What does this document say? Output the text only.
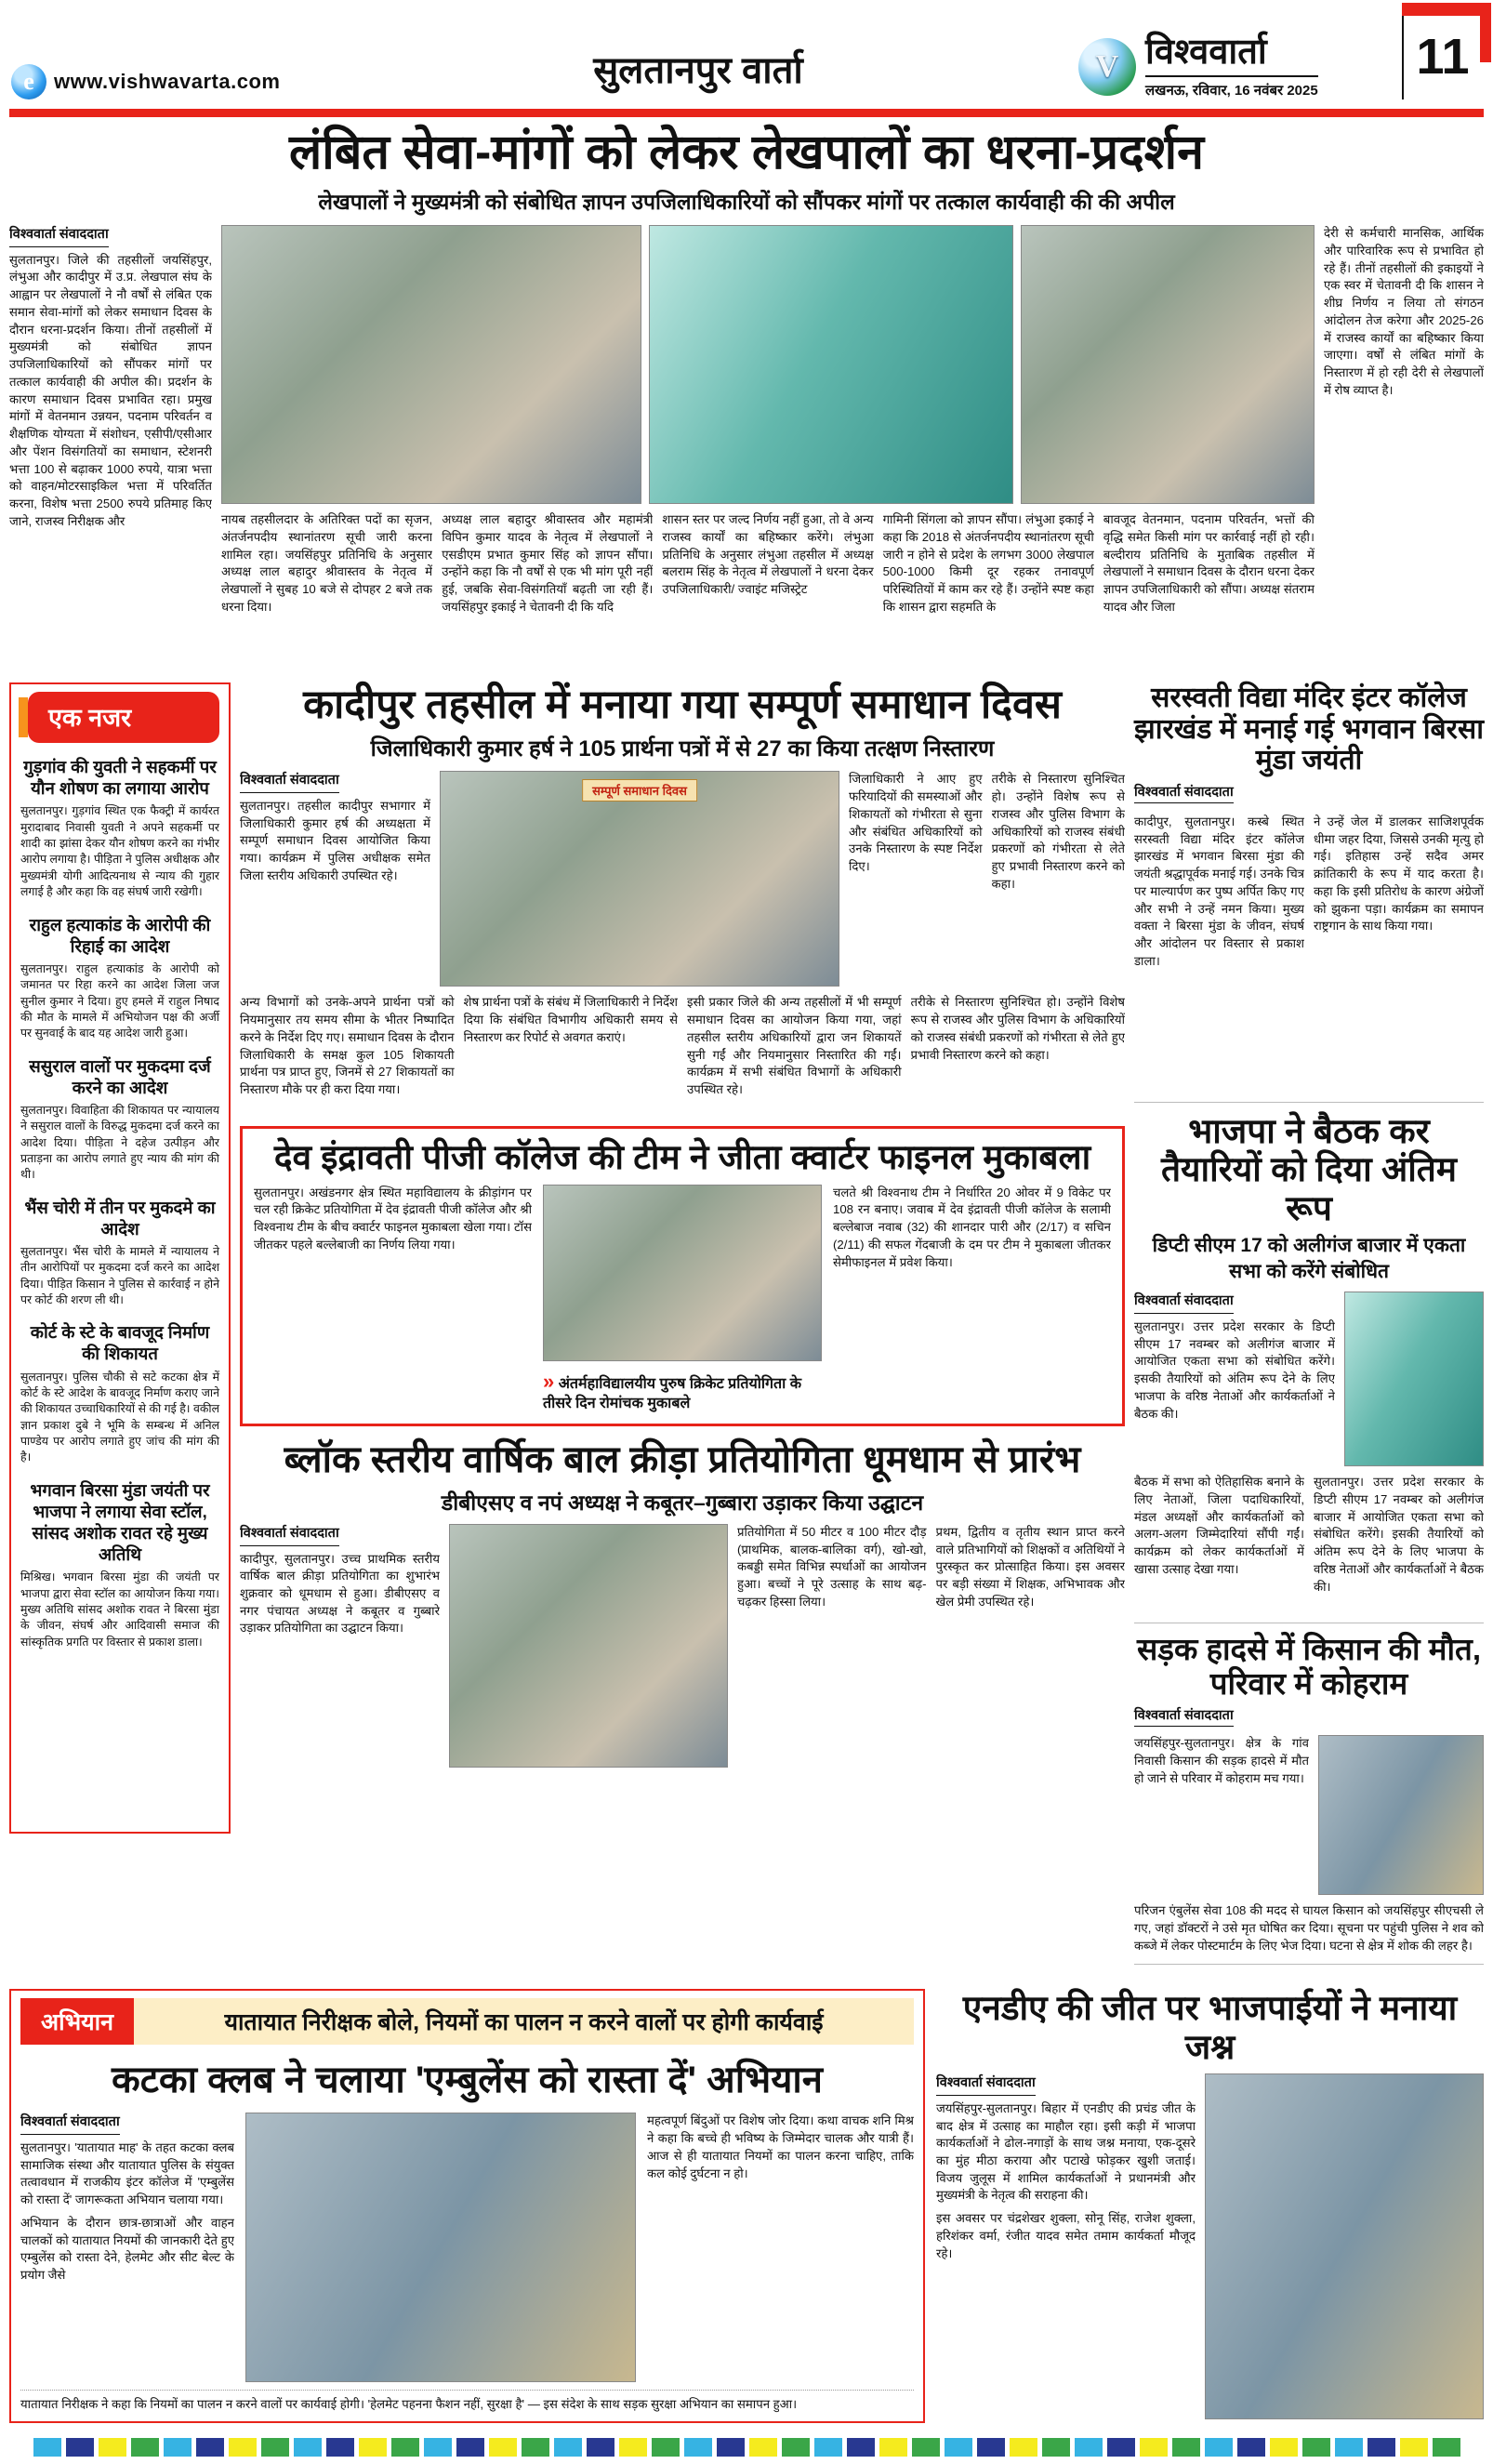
e www.vishwavarta.com	सुलतानपुर वार्ता	V विश्ववार्ता
लखनऊ, रविवार, 16 नवंबर 2025
11
लंबित सेवा-मांगों को लेकर लेखपालों का धरना-प्रदर्शन
लेखपालों ने मुख्यमंत्री को संबोधित ज्ञापन उपजिलाधिकारियों को सौंपकर मांगों पर तत्काल कार्यवाही की की अपील
विश्ववार्ता संवाददाता

सुलतानपुर। जिले की तहसीलों जयसिंहपुर, लंभुआ और कादीपुर में उ.प्र. लेखपाल संघ के आह्वान पर लेखपालों ने नौ वर्षों से लंबित एक समान सेवा-मांगों को लेकर समाधान दिवस के दौरान धरना-प्रदर्शन किया। तीनों तहसीलों में मुख्यमंत्री को संबोधित ज्ञापन उपजिलाधिकारियों को सौंपकर मांगों पर तत्काल कार्यवाही की अपील की। प्रदर्शन के कारण समाधान दिवस प्रभावित रहा। प्रमुख मांगों में वेतनमान उन्नयन, पदनाम परिवर्तन व शैक्षणिक योग्यता में संशोधन, एसीपी/एसीआर और पेंशन विसंगतियों का समाधान, स्टेशनरी भत्ता 100 से बढ़ाकर 1000 रुपये, यात्रा भत्ता को वाहन/मोटरसाइकिल भत्ता में परिवर्तित करना, विशेष भत्ता 2500 रुपये प्रतिमाह किए जाने, राजस्व निरीक्षक और	नायब तहसीलदार के अतिरिक्त पदों का सृजन, अंतर्जनपदीय स्थानांतरण सूची जारी करना शामिल रहा। जयसिंहपुर प्रतिनिधि के अनुसार अध्यक्ष लाल बहादुर श्रीवास्तव के नेतृत्व में लेखपालों ने सुबह 10 बजे से दोपहर 2 बजे तक धरना दिया।

अध्यक्ष लाल बहादुर श्रीवास्तव और महामंत्री विपिन कुमार यादव के नेतृत्व में लेखपालों ने एसडीएम प्रभात कुमार सिंह को ज्ञापन सौंपा। उन्होंने कहा कि नौ वर्षों से एक भी मांग पूरी नहीं हुई, जबकि सेवा-विसंगतियाँ बढ़ती जा रही हैं। जयसिंहपुर इकाई ने चेतावनी दी कि यदि

शासन स्तर पर जल्द निर्णय नहीं हुआ, तो वे अन्य राजस्व कार्यों का बहिष्कार करेंगे। लंभुआ प्रतिनिधि के अनुसार लंभुआ तहसील में अध्यक्ष बलराम सिंह के नेतृत्व में लेखपालों ने धरना देकर उपजिलाधिकारी/ ज्वाइंट मजिस्ट्रेट

गामिनी सिंगला को ज्ञापन सौंपा। लंभुआ इकाई ने कहा कि 2018 से अंतर्जनपदीय स्थानांतरण सूची जारी न होने से प्रदेश के लगभग 3000 लेखपाल 500-1000 किमी दूर रहकर तनावपूर्ण परिस्थितियों में काम कर रहे हैं। उन्होंने स्पष्ट कहा कि शासन द्वारा सहमति के

बावजूद वेतनमान, पदनाम परिवर्तन, भत्तों की वृद्धि समेत किसी मांग पर कार्रवाई नहीं हो रही। बल्दीराय प्रतिनिधि के मुताबिक तहसील में लेखपालों ने समाधान दिवस के दौरान धरना देकर ज्ञापन उपजिलाधिकारी को सौंपा। अध्यक्ष संतराम यादव और जिला

देरी से कर्मचारी मानसिक, आर्थिक और पारिवारिक रूप से प्रभावित हो रहे हैं। तीनों तहसीलों की इकाइयों ने एक स्वर में चेतावनी दी कि शासन ने शीघ्र निर्णय न लिया तो संगठन आंदोलन तेज करेगा और 2025-26 में राजस्व कार्यों का बहिष्कार किया जाएगा। वर्षों से लंबित मांगों के निस्तारण में हो रही देरी से लेखपालों में रोष व्याप्त है।

एक नजर
गुड़गांव की युवती ने सहकर्मी पर यौन शोषण का लगाया आरोप

सुलतानपुर। गुड़गांव स्थित एक फैक्ट्री में कार्यरत मुरादाबाद निवासी युवती ने अपने सहकर्मी पर शादी का झांसा देकर यौन शोषण करने का गंभीर आरोप लगाया है। पीड़िता ने पुलिस अधीक्षक और मुख्यमंत्री योगी आदित्यनाथ से न्याय की गुहार लगाई है और कहा कि वह संघर्ष जारी रखेगी।

राहुल हत्याकांड के आरोपी की रिहाई का आदेश

सुलतानपुर। राहुल हत्याकांड के आरोपी को जमानत पर रिहा करने का आदेश जिला जज सुनील कुमार ने दिया। हुए हमले में राहुल निषाद की मौत के मामले में अभियोजन पक्ष की अर्जी पर सुनवाई के बाद यह आदेश जारी हुआ।

ससुराल वालों पर मुकदमा दर्ज करने का आदेश

सुलतानपुर। विवाहिता की शिकायत पर न्यायालय ने ससुराल वालों के विरुद्ध मुकदमा दर्ज करने का आदेश दिया। पीड़िता ने दहेज उत्पीड़न और प्रताड़ना का आरोप लगाते हुए न्याय की मांग की थी।

भैंस चोरी में तीन पर मुकदमे का आदेश

सुलतानपुर। भैंस चोरी के मामले में न्यायालय ने तीन आरोपियों पर मुकदमा दर्ज करने का आदेश दिया। पीड़ित किसान ने पुलिस से कार्रवाई न होने पर कोर्ट की शरण ली थी।

कोर्ट के स्टे के बावजूद निर्माण की शिकायत

सुलतानपुर। पुलिस चौकी से सटे कटका क्षेत्र में कोर्ट के स्टे आदेश के बावजूद निर्माण कराए जाने की शिकायत उच्चाधिकारियों से की गई है। वकील ज्ञान प्रकाश दुबे ने भूमि के सम्बन्ध में अनिल पाण्डेय पर आरोप लगाते हुए जांच की मांग की है।

भगवान बिरसा मुंडा जयंती पर भाजपा ने लगाया सेवा स्टॉल, सांसद अशोक रावत रहे मुख्य अतिथि

मिश्रिख। भगवान बिरसा मुंडा की जयंती पर भाजपा द्वारा सेवा स्टॉल का आयोजन किया गया। मुख्य अतिथि सांसद अशोक रावत ने बिरसा मुंडा के जीवन, संघर्ष और आदिवासी समाज की सांस्कृतिक प्रगति पर विस्तार से प्रकाश डाला।

कादीपुर तहसील में मनाया गया सम्पूर्ण समाधान दिवस
जिलाधिकारी कुमार हर्ष ने 105 प्रार्थना पत्रों में से 27 का किया तत्क्षण निस्तारण
विश्ववार्ता संवाददाता

सुलतानपुर। तहसील कादीपुर सभागार में जिलाधिकारी कुमार हर्ष की अध्यक्षता में सम्पूर्ण समाधान दिवस आयोजित किया गया। कार्यक्रम में पुलिस अधीक्षक समेत जिला स्तरीय अधिकारी उपस्थित रहे।

सम्पूर्ण समाधान दिवस

जिलाधिकारी ने आए हुए फरियादियों की समस्याओं और शिकायतों को गंभीरता से सुना और संबंधित अधिकारियों को उनके निस्तारण के स्पष्ट निर्देश दिए।

तरीके से निस्तारण सुनिश्चित हो। उन्होंने विशेष रूप से राजस्व और पुलिस विभाग के अधिकारियों को राजस्व संबंधी प्रकरणों को गंभीरता से लेते हुए प्रभावी निस्तारण करने को कहा।

अन्य विभागों को उनके-अपने प्रार्थना पत्रों को नियमानुसार तय समय सीमा के भीतर निष्पादित करने के निर्देश दिए गए। समाधान दिवस के दौरान जिलाधिकारी के समक्ष कुल 105 शिकायती प्रार्थना पत्र प्राप्त हुए, जिनमें से 27 शिकायतों का निस्तारण मौके पर ही करा दिया गया।

शेष प्रार्थना पत्रों के संबंध में जिलाधिकारी ने निर्देश दिया कि संबंधित विभागीय अधिकारी समय से निस्तारण कर रिपोर्ट से अवगत कराएं।

इसी प्रकार जिले की अन्य तहसीलों में भी सम्पूर्ण समाधान दिवस का आयोजन किया गया, जहां तहसील स्तरीय अधिकारियों द्वारा जन शिकायतें सुनी गईं और नियमानुसार निस्तारित की गईं। कार्यक्रम में सभी संबंधित विभागों के अधिकारी उपस्थित रहे।

तरीके से निस्तारण सुनिश्चित हो। उन्होंने विशेष रूप से राजस्व और पुलिस विभाग के अधिकारियों को राजस्व संबंधी प्रकरणों को गंभीरता से लेते हुए प्रभावी निस्तारण करने को कहा।

देव इंद्रावती पीजी कॉलेज की टीम ने जीता क्वार्टर फाइनल मुकाबला

सुलतानपुर। अखंडनगर क्षेत्र स्थित महाविद्यालय के क्रीड़ांगन पर चल रही क्रिकेट प्रतियोगिता में देव इंद्रावती पीजी कॉलेज और श्री विश्वनाथ टीम के बीच क्वार्टर फाइनल मुकाबला खेला गया। टॉस जीतकर पहले बल्लेबाजी का निर्णय लिया गया।

» अंतर्महाविद्यालयीय पुरुष क्रिकेट प्रतियोगिता के तीसरे दिन रोमांचक मुकाबले

चलते श्री विश्वनाथ टीम ने निर्धारित 20 ओवर में 9 विकेट पर 108 रन बनाए। जवाब में देव इंद्रावती पीजी कॉलेज के सलामी बल्लेबाज नवाब (32) की शानदार पारी और (2/17) व सचिन (2/11) की सफल गेंदबाजी के दम पर टीम ने मुकाबला जीतकर सेमीफाइनल में प्रवेश किया।

ब्लॉक स्तरीय वार्षिक बाल क्रीड़ा प्रतियोगिता धूमधाम से प्रारंभ
डीबीएसए व नपं अध्यक्ष ने कबूतर–गुब्बारा उड़ाकर किया उद्घाटन
विश्ववार्ता संवाददाता

कादीपुर, सुलतानपुर। उच्च प्राथमिक स्तरीय वार्षिक बाल क्रीड़ा प्रतियोगिता का शुभारंभ शुक्रवार को धूमधाम से हुआ। डीबीएसए व नगर पंचायत अध्यक्ष ने कबूतर व गुब्बारे उड़ाकर प्रतियोगिता का उद्घाटन किया।

प्रतियोगिता में 50 मीटर व 100 मीटर दौड़ (प्राथमिक, बालक-बालिका वर्ग), खो-खो, कबड्डी समेत विभिन्न स्पर्धाओं का आयोजन हुआ। बच्चों ने पूरे उत्साह के साथ बढ़-चढ़कर हिस्सा लिया।

प्रथम, द्वितीय व तृतीय स्थान प्राप्त करने वाले प्रतिभागियों को शिक्षकों व अतिथियों ने पुरस्कृत कर प्रोत्साहित किया। इस अवसर पर बड़ी संख्या में शिक्षक, अभिभावक और खेल प्रेमी उपस्थित रहे।

सरस्वती विद्या मंदिर इंटर कॉलेज झारखंड में मनाई गई भगवान बिरसा मुंडा जयंती
विश्ववार्ता संवाददाता

कादीपुर, सुलतानपुर। कस्बे स्थित सरस्वती विद्या मंदिर इंटर कॉलेज झारखंड में भगवान बिरसा मुंडा की जयंती श्रद्धापूर्वक मनाई गई। उनके चित्र पर माल्यार्पण कर पुष्प अर्पित किए गए और सभी ने उन्हें नमन किया। मुख्य वक्ता ने बिरसा मुंडा के जीवन, संघर्ष और आंदोलन पर विस्तार से प्रकाश डाला।

ने उन्हें जेल में डालकर साजिशपूर्वक धीमा जहर दिया, जिससे उनकी मृत्यु हो गई। इतिहास उन्हें सदैव अमर क्रांतिकारी के रूप में याद करता है। कहा कि इसी प्रतिरोध के कारण अंग्रेजों को झुकना पड़ा। कार्यक्रम का समापन राष्ट्रगान के साथ किया गया।

भाजपा ने बैठक कर तैयारियों को दिया अंतिम रूप
डिप्टी सीएम 17 को अलीगंज बाजार में एकता सभा को करेंगे संबोधित
विश्ववार्ता संवाददाता

सुलतानपुर। उत्तर प्रदेश सरकार के डिप्टी सीएम 17 नवम्बर को अलीगंज बाजार में आयोजित एकता सभा को संबोधित करेंगे। इसकी तैयारियों को अंतिम रूप देने के लिए भाजपा के वरिष्ठ नेताओं और कार्यकर्ताओं ने बैठक की।

बैठक में सभा को ऐतिहासिक बनाने के लिए नेताओं, जिला पदाधिकारियों, मंडल अध्यक्षों और कार्यकर्ताओं को अलग-अलग जिम्मेदारियां सौंपी गईं। कार्यक्रम को लेकर कार्यकर्ताओं में खासा उत्साह देखा गया।

सुलतानपुर। उत्तर प्रदेश सरकार के डिप्टी सीएम 17 नवम्बर को अलीगंज बाजार में आयोजित एकता सभा को संबोधित करेंगे। इसकी तैयारियों को अंतिम रूप देने के लिए भाजपा के वरिष्ठ नेताओं और कार्यकर्ताओं ने बैठक की।

सड़क हादसे में किसान की मौत, परिवार में कोहराम
विश्ववार्ता संवाददाता

जयसिंहपुर-सुलतानपुर। क्षेत्र के गांव निवासी किसान की सड़क हादसे में मौत हो जाने से परिवार में कोहराम मच गया।

परिजन एंबुलेंस सेवा 108 की मदद से घायल किसान को जयसिंहपुर सीएचसी ले गए, जहां डॉक्टरों ने उसे मृत घोषित कर दिया। सूचना पर पहुंची पुलिस ने शव को कब्जे में लेकर पोस्टमार्टम के लिए भेज दिया। घटना से क्षेत्र में शोक की लहर है।

अभियान	यातायात निरीक्षक बोले, नियमों का पालन न करने वालों पर होगी कार्यवाई
कटका क्लब ने चलाया 'एम्बुलेंस को रास्ता दें' अभियान
विश्ववार्ता संवाददाता

सुलतानपुर। 'यातायात माह' के तहत कटका क्लब सामाजिक संस्था और यातायात पुलिस के संयुक्त तत्वावधान में राजकीय इंटर कॉलेज में 'एम्बुलेंस को रास्ता दें' जागरूकता अभियान चलाया गया।

अभियान के दौरान छात्र-छात्राओं और वाहन चालकों को यातायात नियमों की जानकारी देते हुए एम्बुलेंस को रास्ता देने, हेलमेट और सीट बेल्ट के प्रयोग जैसे

महत्वपूर्ण बिंदुओं पर विशेष जोर दिया। कथा वाचक शनि मिश्र ने कहा कि बच्चे ही भविष्य के जिम्मेदार चालक और यात्री हैं। आज से ही यातायात नियमों का पालन करना चाहिए, ताकि कल कोई दुर्घटना न हो।

यातायात निरीक्षक ने कहा कि नियमों का पालन न करने वालों पर कार्यवाई होगी। 'हेलमेट पहनना फैशन नहीं, सुरक्षा है' — इस संदेश के साथ सड़क सुरक्षा अभियान का समापन हुआ।

एनडीए की जीत पर भाजपाईयों ने मनाया जश्न
विश्ववार्ता संवाददाता

जयसिंहपुर-सुलतानपुर। बिहार में एनडीए की प्रचंड जीत के बाद क्षेत्र में उत्साह का माहौल रहा। इसी कड़ी में भाजपा कार्यकर्ताओं ने ढोल-नगाड़ों के साथ जश्न मनाया, एक-दूसरे का मुंह मीठा कराया और पटाखे फोड़कर खुशी जताई। विजय जुलूस में शामिल कार्यकर्ताओं ने प्रधानमंत्री और मुख्यमंत्री के नेतृत्व की सराहना की।

इस अवसर पर चंद्रशेखर शुक्ला, सोनू सिंह, राजेश शुक्ला, हरिशंकर वर्मा, रंजीत यादव समेत तमाम कार्यकर्ता मौजूद रहे।
